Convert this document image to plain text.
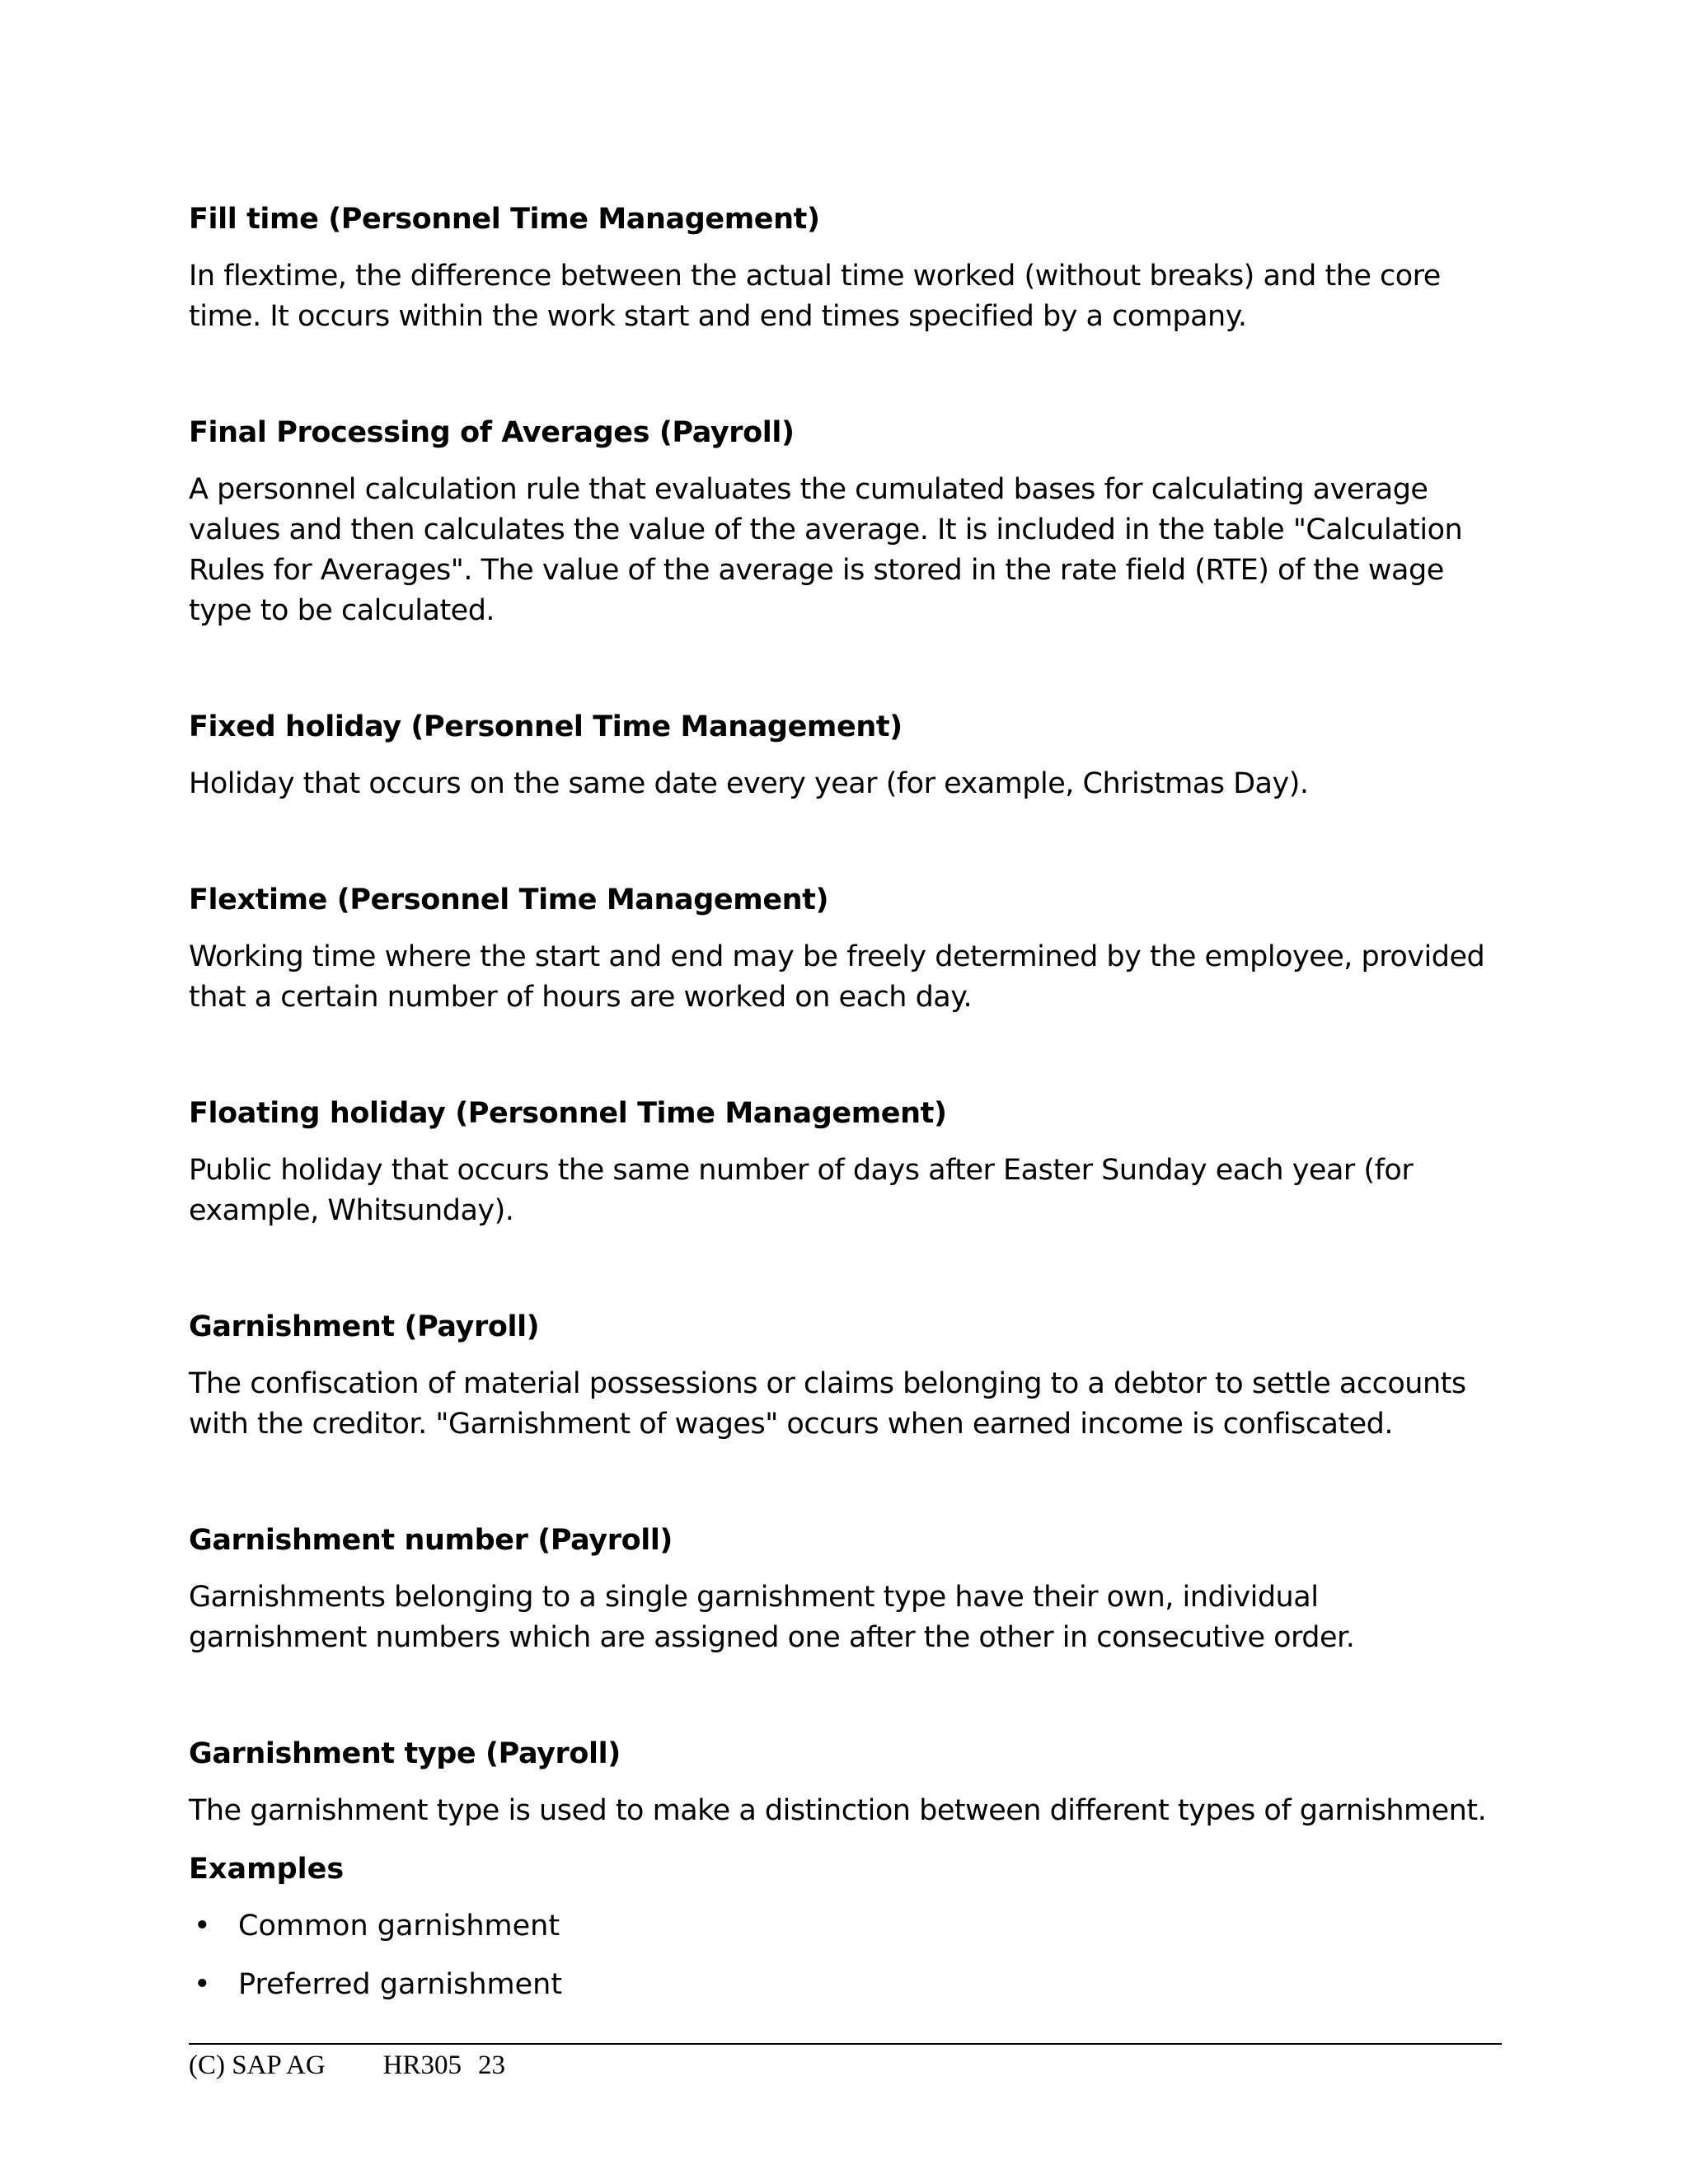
Fill time (Personnel Time Management)

In flextime, the difference between the actual time worked (without breaks) and the core time. It occurs within the work start and end times specified by a company.

Final Processing of Averages (Payroll)

A personnel calculation rule that evaluates the cumulated bases for calculating average values and then calculates the value of the average. It is included in the table "Calculation Rules for Averages". The value of the average is stored in the rate field (RTE) of the wage type to be calculated.

Fixed holiday (Personnel Time Management)

Holiday that occurs on the same date every year (for example, Christmas Day).

Flextime (Personnel Time Management)

Working time where the start and end may be freely determined by the employee, provided that a certain number of hours are worked on each day.

Floating holiday (Personnel Time Management)

Public holiday that occurs the same number of days after Easter Sunday each year (for example, Whitsunday).

Garnishment (Payroll)

The confiscation of material possessions or claims belonging to a debtor to settle accounts with the creditor. "Garnishment of wages" occurs when earned income is confiscated.

Garnishment number (Payroll)

Garnishments belonging to a single garnishment type have their own, individual garnishment numbers which are assigned one after the other in consecutive order.

Garnishment type (Payroll)

The garnishment type is used to make a distinction between different types of garnishment.

Examples

• Common garnishment
• Preferred garnishment
(C) SAP AG HR305 23
